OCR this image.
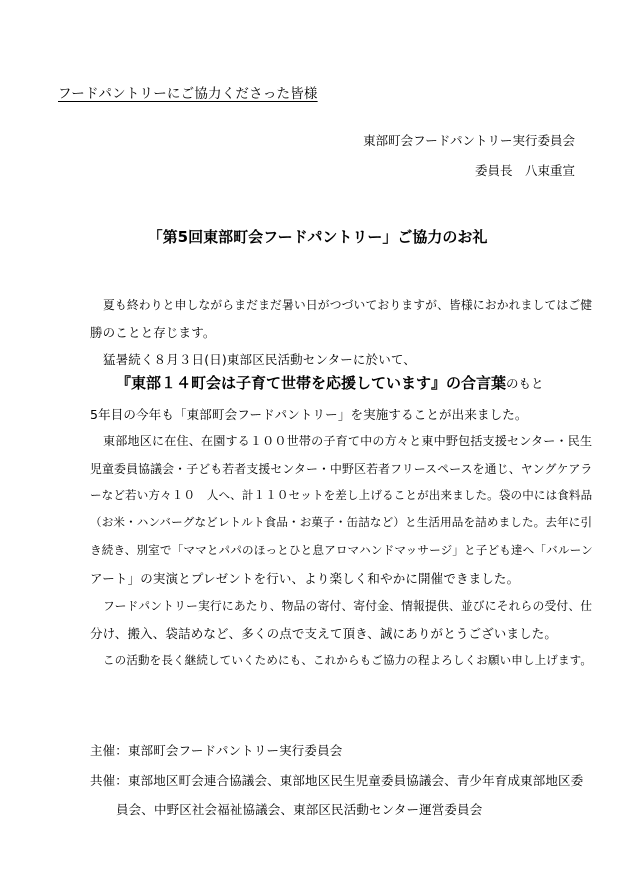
フードパントリーにご協力くださった皆様

東部町会フードパントリー実行委員会

委員長　八束重宣

「第5回東部町会フードパントリー」ご協力のお礼

夏も終わりと申しながらまだまだ暑い日がつづいておりますが、皆様におかれましてはご健

勝のことと存じます。

猛暑続く８月３日(日)東部区民活動センターに於いて、

『東部１４町会は子育て世帯を応援しています』の合言葉のもと

5年目の今年も「東部町会フードパントリー」を実施することが出来ました。

東部地区に在住、在園する１００世帯の子育て中の方々と東中野包括支援センター・民生

児童委員協議会・子ども若者支援センター・中野区若者フリースペースを通じ、ヤングケアラ

ーなど若い方々１０　人へ、計１１０セットを差し上げることが出来ました。袋の中には食料品

（お米・ハンバーグなどレトルト食品・お菓子・缶詰など）と生活用品を詰めました。去年に引

き続き、別室で「ママとパパのほっとひと息アロマハンドマッサージ」と子ども達へ「バルーン

アート」の実演とプレゼントを行い、より楽しく和やかに開催できました。

フードパントリー実行にあたり、物品の寄付、寄付金、情報提供、並びにそれらの受付、仕

分け、搬入、袋詰めなど、多くの点で支えて頂き、誠にありがとうございました。

この活動を長く継続していくためにも、これからもご協力の程よろしくお願い申し上げます。

主催：東部町会フードパントリー実行委員会

共催：東部地区町会連合協議会、東部地区民生児童委員協議会、青少年育成東部地区委

員会、中野区社会福祉協議会、東部区民活動センター運営委員会
